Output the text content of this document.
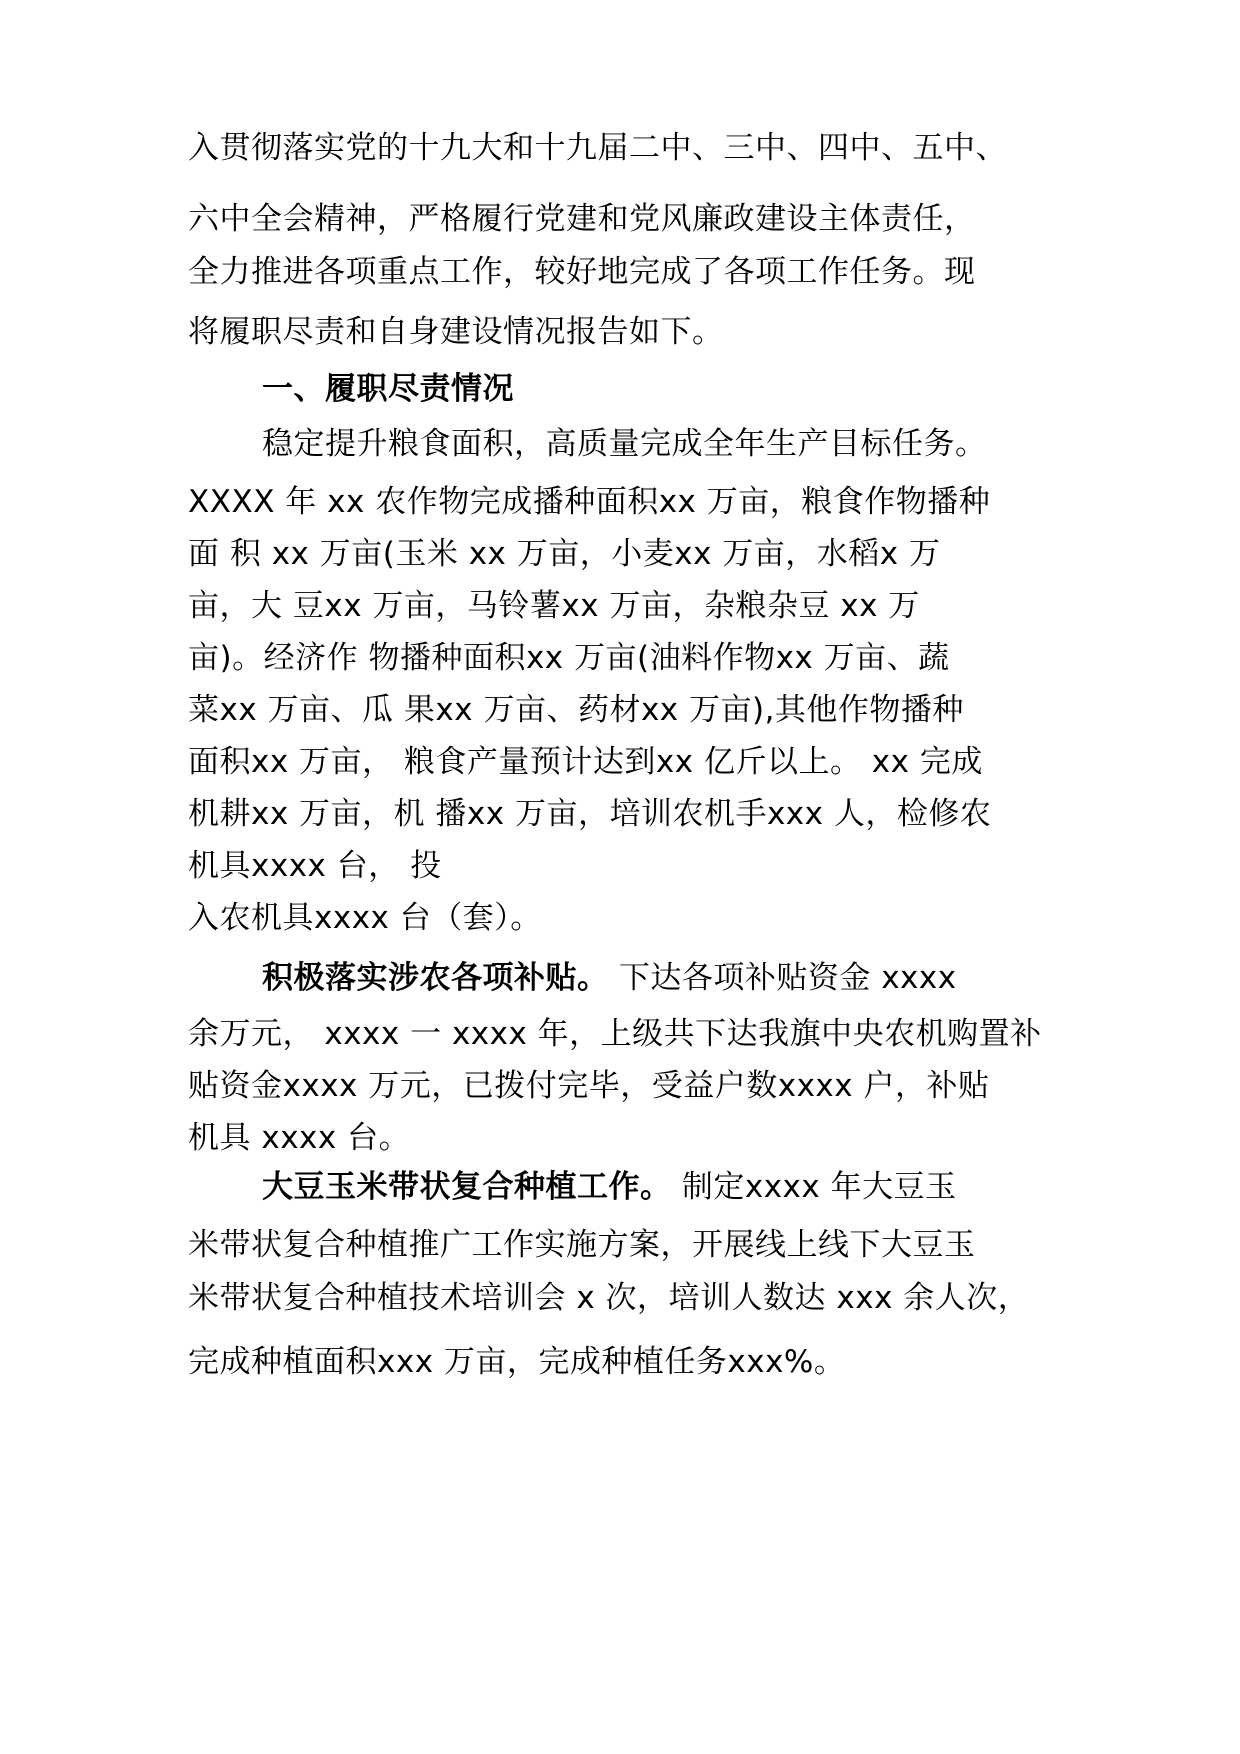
入贯彻落实党的十九大和十九届二中、三中、四中、五中、
六中全会精神，严格履行党建和党风廉政建设主体责任，
全力推进各项重点工作，较好地完成了各项工作任务。现
将履职尽责和自身建设情况报告如下。
一、履职尽责情况
稳定提升粮食面积，高质量完成全年生产目标任务。
XXXX 年 xx 农作物完成播种面积xx 万亩，粮食作物播种
面 积 xx 万亩(玉米 xx 万亩，小麦xx 万亩，水稻x 万
亩，大 豆xx 万亩，马铃薯xx 万亩，杂粮杂豆 xx 万
亩)。经济作 物播种面积xx 万亩(油料作物xx 万亩、蔬
菜xx 万亩、瓜 果xx 万亩、药材xx 万亩),其他作物播种
面积xx 万亩， 粮食产量预计达到xx 亿斤以上。 xx 完成
机耕xx 万亩，机 播xx 万亩，培训农机手xxx 人，检修农
机具xxxx 台， 投
入农机具xxxx 台（套）。
积极落实涉农各项补贴。 下达各项补贴资金 xxxx
余万元， xxxx 一 xxxx 年，上级共下达我旗中央农机购置补
贴资金xxxx 万元，已拨付完毕，受益户数xxxx 户，补贴
机具 xxxx 台。
大豆玉米带状复合种植工作。 制定xxxx 年大豆玉
米带状复合种植推广工作实施方案，开展线上线下大豆玉
米带状复合种植技术培训会 x 次，培训人数达 xxx 余人次，
完成种植面积xxx 万亩，完成种植任务xxx%。
